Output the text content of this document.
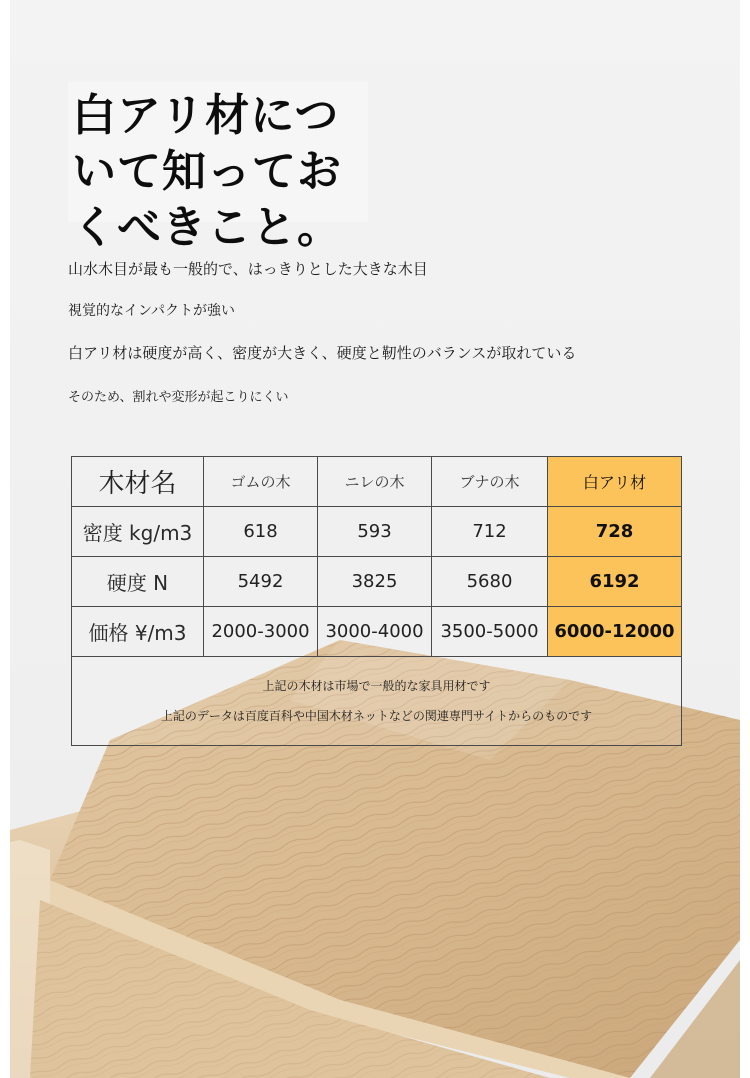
白アリ材につ
いて知ってお
くべきこと。

山水木目が最も一般的で、はっきりとした大きな木目

視覚的なインパクトが強い

白アリ材は硬度が高く、密度が大きく、硬度と靭性のバランスが取れている

そのため、割れや変形が起こりにくい

木材名	ゴムの木	ニレの木	ブナの木	白アリ材
密度 kg/m3	618	593	712	728
硬度 N	5492	3825	5680	6192
価格 ¥/m3	2000-3000	3000-4000	3500-5000	6000-12000
上記の木材は市場で一般的な家具用材です
上記のデータは百度百科や中国木材ネットなどの関連専門サイトからのものです				
